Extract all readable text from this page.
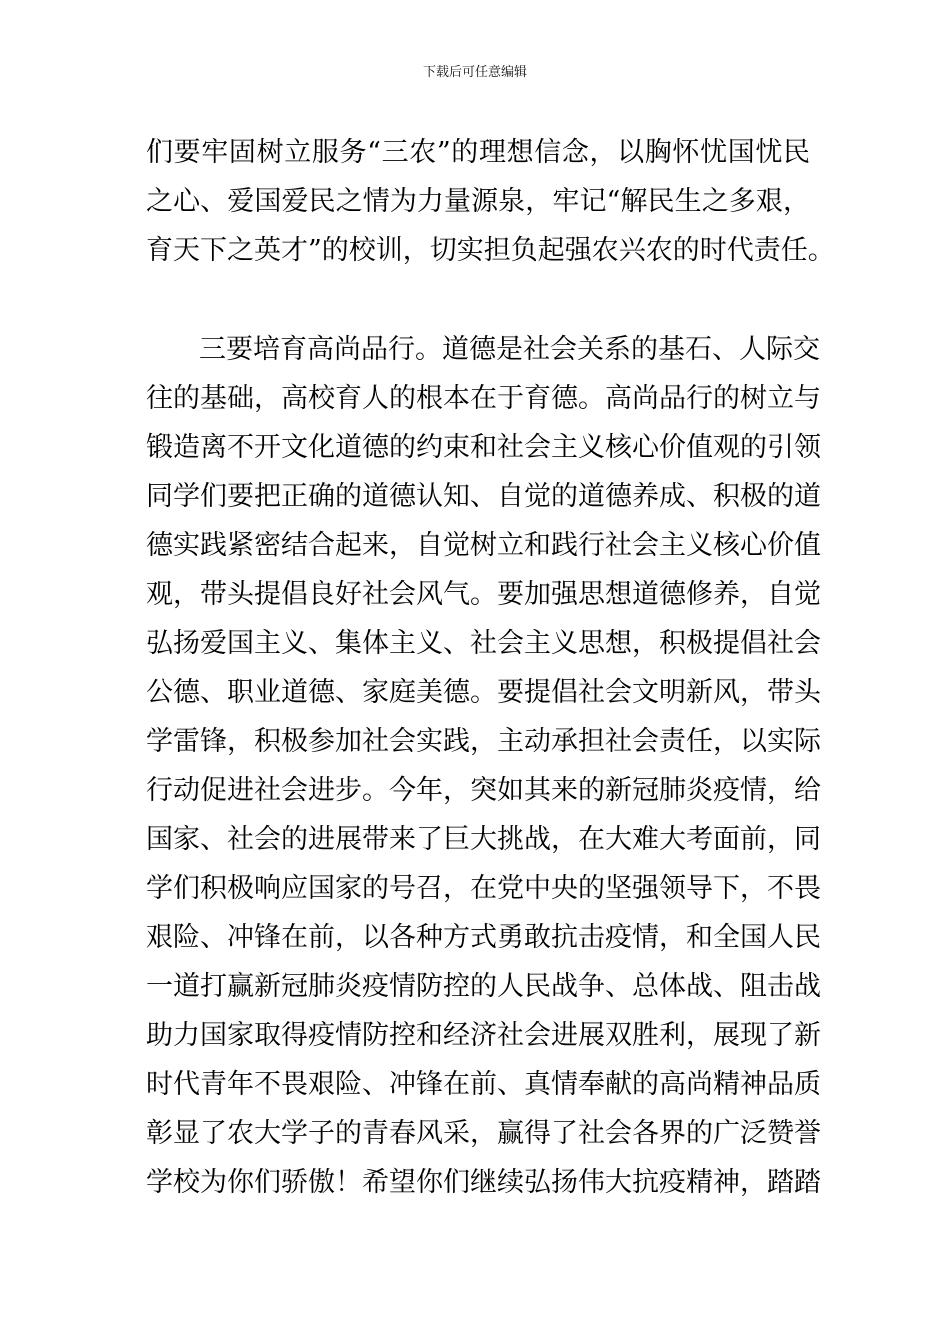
下载后可任意编辑
们要牢固树立服务“三农”的理想信念，以胸怀忧国忧民
之心、爱国爱民之情为力量源泉，牢记“解民生之多艰，
育天下之英才”的校训，切实担负起强农兴农的时代责任。
三要培育高尚品行。道德是社会关系的基石、人际交
往的基础，高校育人的根本在于育德。高尚品行的树立与
锻造离不开文化道德的约束和社会主义核心价值观的引领
同学们要把正确的道德认知、自觉的道德养成、积极的道
德实践紧密结合起来，自觉树立和践行社会主义核心价值
观，带头提倡良好社会风气。要加强思想道德修养，自觉
弘扬爱国主义、集体主义、社会主义思想，积极提倡社会
公德、职业道德、家庭美德。要提倡社会文明新风，带头
学雷锋，积极参加社会实践，主动承担社会责任，以实际
行动促进社会进步。今年，突如其来的新冠肺炎疫情，给
国家、社会的进展带来了巨大挑战，在大难大考面前，同
学们积极响应国家的号召，在党中央的坚强领导下，不畏
艰险、冲锋在前，以各种方式勇敢抗击疫情，和全国人民
一道打赢新冠肺炎疫情防控的人民战争、总体战、阻击战
助力国家取得疫情防控和经济社会进展双胜利，展现了新
时代青年不畏艰险、冲锋在前、真情奉献的高尚精神品质
彰显了农大学子的青春风采，赢得了社会各界的广泛赞誉
学校为你们骄傲！希望你们继续弘扬伟大抗疫精神，踏踏
